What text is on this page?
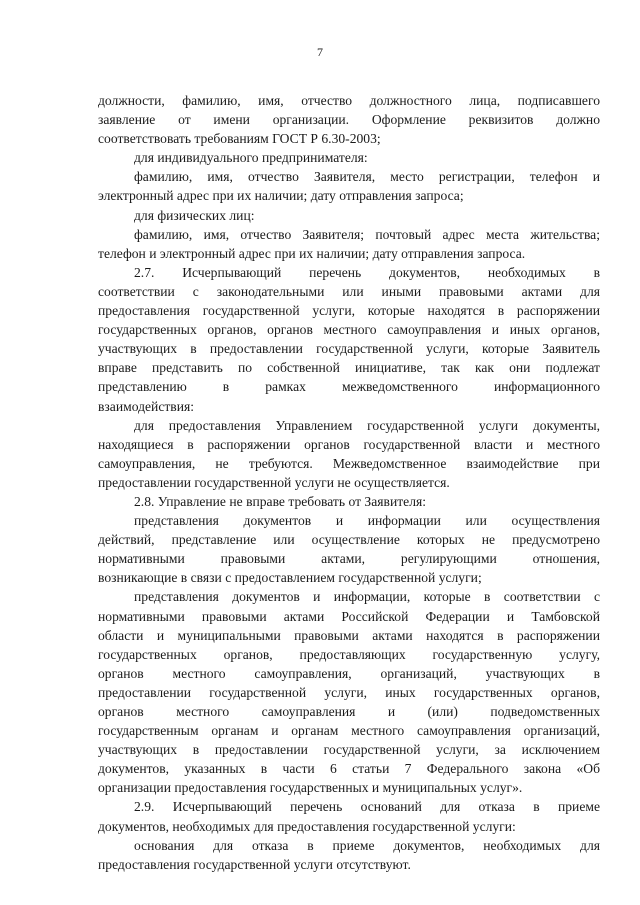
7
должности, фамилию, имя, отчество должностного лица, подписавшего
заявление от имени организации. Оформление реквизитов должно
соответствовать требованиям ГОСТ Р 6.30-2003;
для индивидуального предпринимателя:
фамилию, имя, отчество Заявителя, место регистрации, телефон и
электронный адрес при их наличии; дату отправления запроса;
для физических лиц:
фамилию, имя, отчество Заявителя; почтовый адрес места жительства;
телефон и электронный адрес при их наличии; дату отправления запроса.
2.7. Исчерпывающий перечень документов, необходимых в
соответствии с законодательными или иными правовыми актами для
предоставления государственной услуги, которые находятся в распоряжении
государственных органов, органов местного самоуправления и иных органов,
участвующих в предоставлении государственной услуги, которые Заявитель
вправе представить по собственной инициативе, так как они подлежат
представлению в рамках межведомственного информационного
взаимодействия:
для предоставления Управлением государственной услуги документы,
находящиеся в распоряжении органов государственной власти и местного
самоуправления, не требуются. Межведомственное взаимодействие при
предоставлении государственной услуги не осуществляется.
2.8. Управление не вправе требовать от Заявителя:
представления документов и информации или осуществления
действий, представление или осуществление которых не предусмотрено
нормативными правовыми актами, регулирующими отношения,
возникающие в связи с предоставлением государственной услуги;
представления документов и информации, которые в соответствии с
нормативными правовыми актами Российской Федерации и Тамбовской
области и муниципальными правовыми актами находятся в распоряжении
государственных органов, предоставляющих государственную услугу,
органов местного самоуправления, организаций, участвующих в
предоставлении государственной услуги, иных государственных органов,
органов местного самоуправления и (или) подведомственных
государственным органам и органам местного самоуправления организаций,
участвующих в предоставлении государственной услуги, за исключением
документов, указанных в части 6 статьи 7 Федерального закона «Об
организации предоставления государственных и муниципальных услуг».
2.9. Исчерпывающий перечень оснований для отказа в приеме
документов, необходимых для предоставления государственной услуги:
основания для отказа в приеме документов, необходимых для
предоставления государственной услуги отсутствуют.
